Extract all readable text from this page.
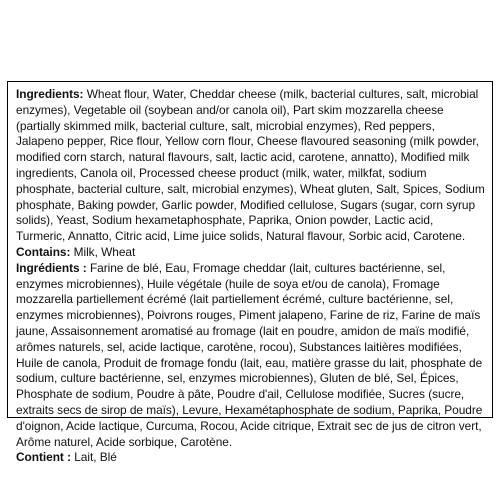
Ingredients: Wheat flour, Water, Cheddar cheese (milk, bacterial cultures, salt, microbial enzymes), Vegetable oil (soybean and/or canola oil), Part skim mozzarella cheese (partially skimmed milk, bacterial culture, salt, microbial enzymes), Red peppers, Jalapeno pepper, Rice flour, Yellow corn flour, Cheese flavoured seasoning (milk powder, modified corn starch, natural flavours, salt, lactic acid, carotene, annatto), Modified milk ingredients, Canola oil, Processed cheese product (milk, water, milkfat, sodium phosphate, bacterial culture, salt, microbial enzymes), Wheat gluten, Salt, Spices, Sodium phosphate, Baking powder, Garlic powder, Modified cellulose, Sugars (sugar, corn syrup solids), Yeast, Sodium hexametaphosphate, Paprika, Onion powder, Lactic acid, Turmeric, Annatto, Citric acid, Lime juice solids, Natural flavour, Sorbic acid, Carotene.

Contains: Milk, Wheat

Ingrédients : Farine de blé, Eau, Fromage cheddar (lait, cultures bactérienne, sel, enzymes microbiennes), Huile végétale (huile de soya et/ou de canola), Fromage mozzarella partiellement écrémé (lait partiellement écrémé, culture bactérienne, sel, enzymes microbiennes), Poivrons rouges, Piment jalapeno, Farine de riz, Farine de maïs jaune, Assaisonnement aromatisé au fromage (lait en poudre, amidon de maïs modifié, arômes naturels, sel, acide lactique, carotène, rocou), Substances laitières modifiées, Huile de canola, Produit de fromage fondu (lait, eau, matière grasse du lait, phosphate de sodium, culture bactérienne, sel, enzymes microbiennes), Gluten de blé, Sel, Épices, Phosphate de sodium, Poudre à pâte, Poudre d'ail, Cellulose modifiée, Sucres (sucre, extraits secs de sirop de maïs), Levure, Hexamétaphosphate de sodium, Paprika, Poudre d'oignon, Acide lactique, Curcuma, Rocou, Acide citrique, Extrait sec de jus de citron vert, Arôme naturel, Acide sorbique, Carotène.

Contient : Lait, Blé
